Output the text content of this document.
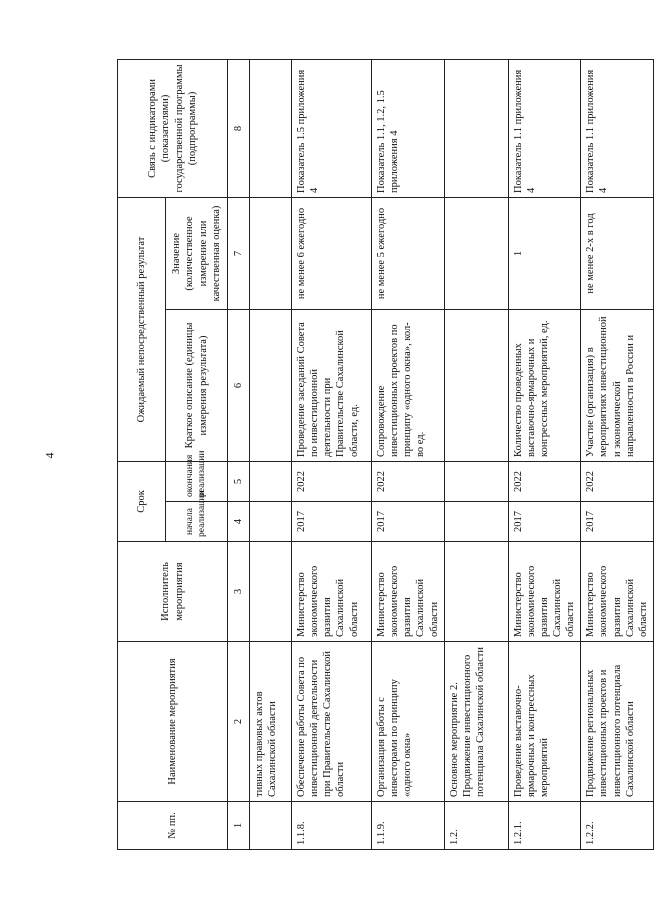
4
№ пп.	Наименование мероприятия	Исполнитель мероприятия	Срок		Ожидаемый непосредственный результат		Связь с индикаторами (показателями) государственной программы (подпрограммы)
			начала реализации	окончания реализации	Краткое описание (единицы измерения результата)	Значение (количественное измерение или качественная оценка)	
1	2	3	4	5	6	7	8
	тивных правовых актов Сахалинской области						
1.1.8.	Обеспечение работы Совета по инвестиционной деятельности при Правительстве Сахалинской области	Министерство экономического развития Сахалинской области	2017	2022	Проведение заседаний Совета по инвестиционной деятельности при Правительстве Сахалинской области, ед.	не менее 6 ежегодно	Показатель 1.5 приложения 4
1.1.9.	Организация работы с инвесторами по принципу «одного окна»	Министерство экономического развития Сахалинской области	2017	2022	Сопровождение инвестиционных проектов по принципу «одного окна», кол-во ед.	не менее 5 ежегодно	Показатель 1.1, 1.2, 1.5 приложения 4
1.2.	Основное мероприятие 2. Продвижение инвестиционного потенциала Сахалинской области						
1.2.1.	Проведение выставочно-ярмарочных и конгрессных мероприятий	Министерство экономического развития Сахалинской области	2017	2022	Количество проведенных выставочно-ярмарочных и конгрессных мероприятий, ед.	1	Показатель 1.1 приложения 4
1.2.2.	Продвижение региональных инвестиционных проектов и инвестиционного потенциала Сахалинской области	Министерство экономического развития Сахалинской области	2017	2022	Участие (организация) в мероприятиях инвестиционной и экономической направленности в России и	не менее 2-х в год	Показатель 1.1 приложения 4
